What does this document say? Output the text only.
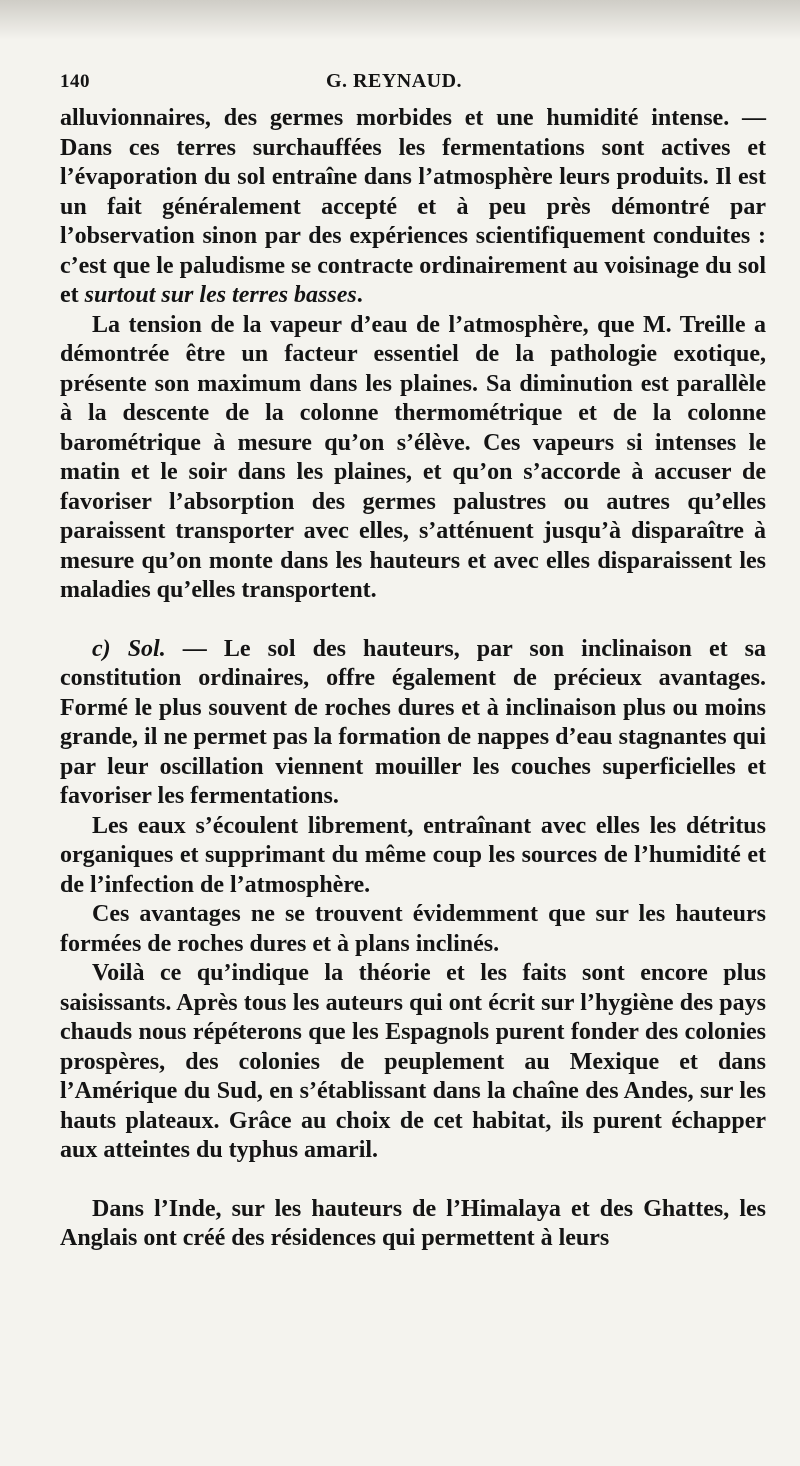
140	G. REYNAUD.

alluvionnaires, des germes morbides et une humidité intense. — Dans ces terres surchauffées les fermentations sont actives et l’évaporation du sol entraîne dans l’atmosphère leurs produits. Il est un fait généralement accepté et à peu près démontré par l’observation sinon par des expériences scientifiquement conduites : c’est que le paludisme se contracte ordinairement au voisinage du sol et surtout sur les terres basses.

La tension de la vapeur d’eau de l’atmosphère, que M. Treille a démontrée être un facteur essentiel de la pathologie exotique, présente son maximum dans les plaines. Sa diminution est parallèle à la descente de la colonne thermométrique et de la colonne barométrique à mesure qu’on s’élève. Ces vapeurs si intenses le matin et le soir dans les plaines, et qu’on s’accorde à accuser de favoriser l’absorption des germes palustres ou autres qu’elles paraissent transporter avec elles, s’atténuent jusqu’à disparaître à mesure qu’on monte dans les hauteurs et avec elles disparaissent les maladies qu’elles transportent.

c) Sol. — Le sol des hauteurs, par son inclinaison et sa constitution ordinaires, offre également de précieux avantages. Formé le plus souvent de roches dures et à inclinaison plus ou moins grande, il ne permet pas la formation de nappes d’eau stagnantes qui par leur oscillation viennent mouiller les couches superficielles et favoriser les fermentations.

Les eaux s’écoulent librement, entraînant avec elles les détritus organiques et supprimant du même coup les sources de l’humidité et de l’infection de l’atmosphère.

Ces avantages ne se trouvent évidemment que sur les hauteurs formées de roches dures et à plans inclinés.

Voilà ce qu’indique la théorie et les faits sont encore plus saisissants. Après tous les auteurs qui ont écrit sur l’hygiène des pays chauds nous répéterons que les Espagnols purent fonder des colonies prospères, des colonies de peuplement au Mexique et dans l’Amérique du Sud, en s’établissant dans la chaîne des Andes, sur les hauts plateaux. Grâce au choix de cet habitat, ils purent échapper aux atteintes du typhus amaril.

Dans l’Inde, sur les hauteurs de l’Himalaya et des Ghattes, les Anglais ont créé des résidences qui permettent à leurs
